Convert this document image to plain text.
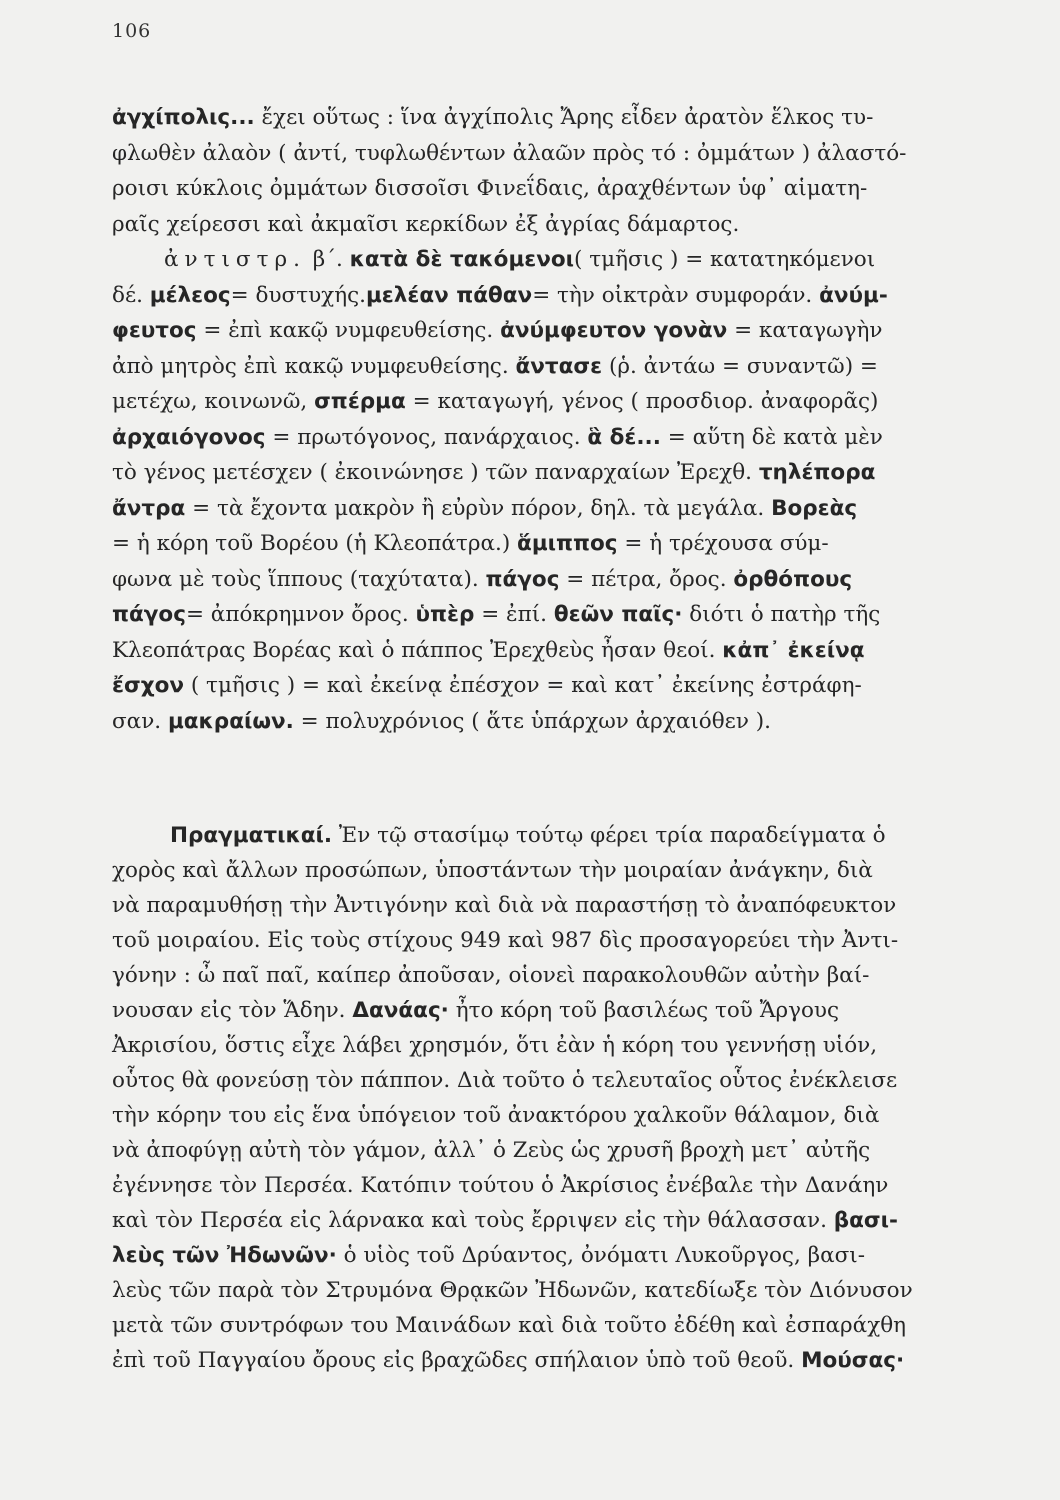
106
ἀγχίπολις... ἔχει οὕτως : ἵνα ἀγχίπολις Ἄρης εἶδεν ἀρατὸν ἕλκος τυ-
φλωθὲν ἀλαὸν ( ἀντί, τυφλωθέντων ἀλαῶν πρὸς τό : ὀμμάτων ) ἀλαστό-
ροισι κύκλοις ὀμμάτων δισσοῖσι Φινεΐδαις, ἀραχθέντων ὑφ᾽ αἱματη-
ραῖς χείρεσσι καὶ ἀκμαῖσι κερκίδων ἐξ ἀγρίας δάμαρτος.
ἀντιστρ. β΄. κατὰ δὲ τακόμενοι( τμῆσις ) = κατατηκόμενοι
δέ. μέλεος= δυστυχής.μελέαν πάθαν= τὴν οἰκτρὰν συμφοράν. ἀνύμ-
φευτος = ἐπὶ κακῷ νυμφευθείσης. ἀνύμφευτον γονὰν = καταγωγὴν
ἀπὸ μητρὸς ἐπὶ κακῷ νυμφευθείσης. ἄντασε (ῥ. ἀντάω = συναντῶ) =
μετέχω, κοινωνῶ, σπέρμα = καταγωγή, γένος ( προσδιορ. ἀναφορᾶς)
ἀρχαιόγονος = πρωτόγονος, πανάρχαιος. ἃ δέ... = αὕτη δὲ κατὰ μὲν
τὸ γένος μετέσχεν ( ἐκοινώνησε ) τῶν παναρχαίων Ἐρεχθ. τηλέπορα
ἄντρα = τὰ ἔχοντα μακρὸν ἢ εὐρὺν πόρον, δηλ. τὰ μεγάλα. Βορεὰς
= ἡ κόρη τοῦ Βορέου (ἡ Κλεοπάτρα.) ἅμιππος = ἡ τρέχουσα σύμ-
φωνα μὲ τοὺς ἵππους (ταχύτατα). πάγος = πέτρα, ὄρος. ὀρθόπους
πάγος= ἀπόκρημνον ὄρος. ὑπὲρ = ἐπί. θεῶν παῖς· διότι ὁ πατὴρ τῆς
Κλεοπάτρας Βορέας καὶ ὁ πάππος Ἐρεχθεὺς ἦσαν θεοί. κἀπ᾽ ἐκείνᾳ
ἔσχον ( τμῆσις ) = καὶ ἐκείνᾳ ἐπέσχον = καὶ κατ᾽ ἐκείνης ἐστράφη-
σαν. μακραίων. = πολυχρόνιος ( ἅτε ὑπάρχων ἀρχαιόθεν ).
Πραγματικαί. Ἐν τῷ στασίμῳ τούτῳ φέρει τρία παραδείγματα ὁ
χορὸς καὶ ἄλλων προσώπων, ὑποστάντων τὴν μοιραίαν ἀνάγκην, διὰ
νὰ παραμυθήσῃ τὴν Ἀντιγόνην καὶ διὰ νὰ παραστήσῃ τὸ ἀναπόφευκτον
τοῦ μοιραίου. Εἰς τοὺς στίχους 949 καὶ 987 δὶς προσαγορεύει τὴν Ἀντι-
γόνην : ὦ παῖ παῖ, καίπερ ἀποῦσαν, οἱονεὶ παρακολουθῶν αὐτὴν βαί-
νουσαν εἰς τὸν Ἅδην. Δανάας· ἦτο κόρη τοῦ βασιλέως τοῦ Ἄργους
Ἀκρισίου, ὅστις εἶχε λάβει χρησμόν, ὅτι ἐὰν ἡ κόρη του γεννήσῃ υἱόν,
οὗτος θὰ φονεύσῃ τὸν πάππον. Διὰ τοῦτο ὁ τελευταῖος οὗτος ἐνέκλεισε
τὴν κόρην του εἰς ἕνα ὑπόγειον τοῦ ἀνακτόρου χαλκοῦν θάλαμον, διὰ
νὰ ἀποφύγῃ αὐτὴ τὸν γάμον, ἀλλ᾽ ὁ Ζεὺς ὡς χρυσῆ βροχὴ μετ᾽ αὐτῆς
ἐγέννησε τὸν Περσέα. Κατόπιν τούτου ὁ Ἀκρίσιος ἐνέβαλε τὴν Δανάην
καὶ τὸν Περσέα εἰς λάρνακα καὶ τοὺς ἔρριψεν εἰς τὴν θάλασσαν. βασι-
λεὺς τῶν Ἠδωνῶν· ὁ υἱὸς τοῦ Δρύαντος, ὀνόματι Λυκοῦργος, βασι-
λεὺς τῶν παρὰ τὸν Στρυμόνα Θρᾳκῶν Ἠδωνῶν, κατεδίωξε τὸν Διόνυσον
μετὰ τῶν συντρόφων του Μαινάδων καὶ διὰ τοῦτο ἐδέθη καὶ ἐσπαράχθη
ἐπὶ τοῦ Παγγαίου ὄρους εἰς βραχῶδες σπήλαιον ὑπὸ τοῦ θεοῦ. Μούσας·
